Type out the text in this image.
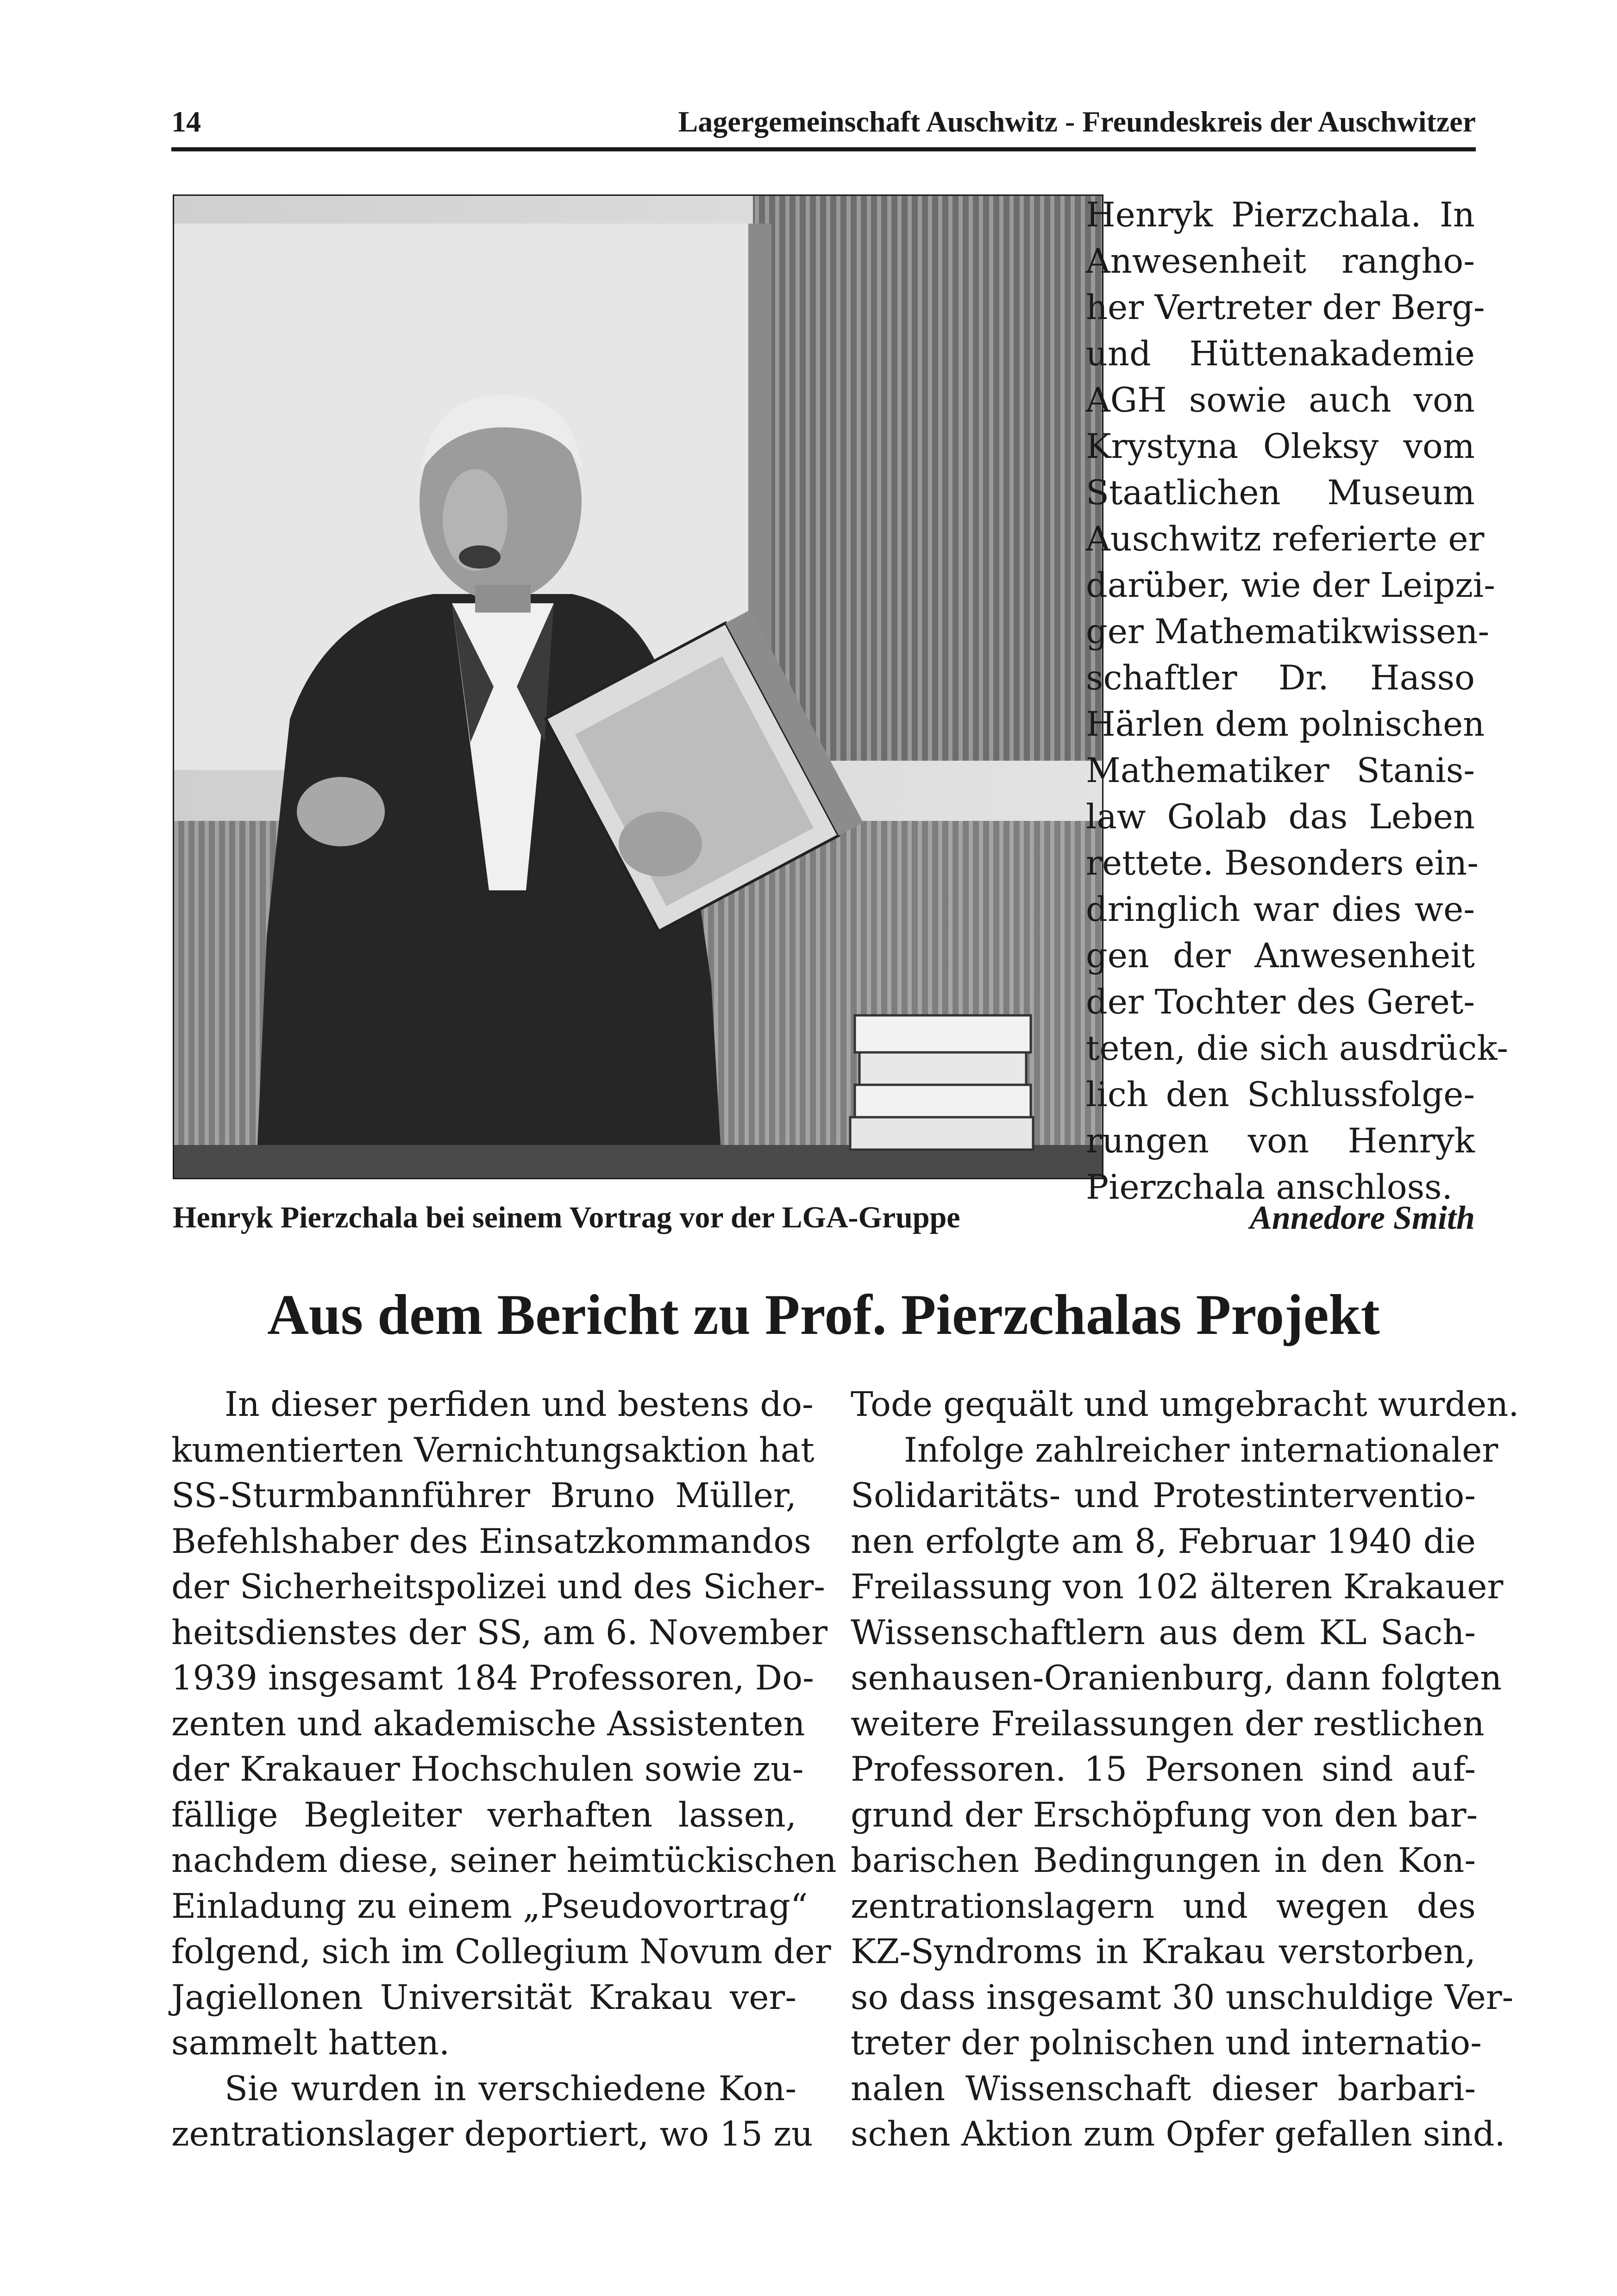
14	Lagergemeinschaft Auschwitz - Freundeskreis der Auschwitzer
Henryk Pierzchala bei seinem Vortrag vor der LGA-Gruppe
Henryk Pierzchala. In
Anwesenheit rangho-
her Vertreter der Berg-
und Hüttenakademie
AGH sowie auch von
Krystyna Oleksy vom
Staatlichen Museum
Auschwitz referierte er
darüber, wie der Leipzi-
ger Mathematikwissen-
schaftler Dr. Hasso
Härlen dem polnischen
Mathematiker Stanis-
law Golab das Leben
rettete. Besonders ein-
dringlich war dies we-
gen der Anwesenheit
der Tochter des Geret-
teten, die sich ausdrück-
lich den Schlussfolge-
rungen von Henryk
Pierzchala anschloss.
Annedore Smith
Aus dem Bericht zu Prof. Pierzchalas Projekt
In dieser perfiden und bestens do-
kumentierten Vernichtungsaktion hat
SS-Sturmbannführer Bruno Müller,
Befehlshaber des Einsatzkommandos
der Sicherheitspolizei und des Sicher-
heitsdienstes der SS, am 6. November
1939 insgesamt 184 Professoren, Do-
zenten und akademische Assistenten
der Krakauer Hochschulen sowie zu-
fällige Begleiter verhaften lassen,
nachdem diese, seiner heimtückischen
Einladung zu einem „Pseudovortrag“
folgend, sich im Collegium Novum der
Jagiellonen Universität Krakau ver-
sammelt hatten.
Sie wurden in verschiedene Kon-
zentrationslager deportiert, wo 15 zu
Tode gequält und umgebracht wurden.
Infolge zahlreicher internationaler
Solidaritäts- und Protestinterventio-
nen erfolgte am 8, Februar 1940 die
Freilassung von 102 älteren Krakauer
Wissenschaftlern aus dem KL Sach-
senhausen-Oranienburg, dann folgten
weitere Freilassungen der restlichen
Professoren. 15 Personen sind auf-
grund der Erschöpfung von den bar-
barischen Bedingungen in den Kon-
zentrationslagern und wegen des
KZ-Syndroms in Krakau verstorben,
so dass insgesamt 30 unschuldige Ver-
treter der polnischen und internatio-
nalen Wissenschaft dieser barbari-
schen Aktion zum Opfer gefallen sind.
